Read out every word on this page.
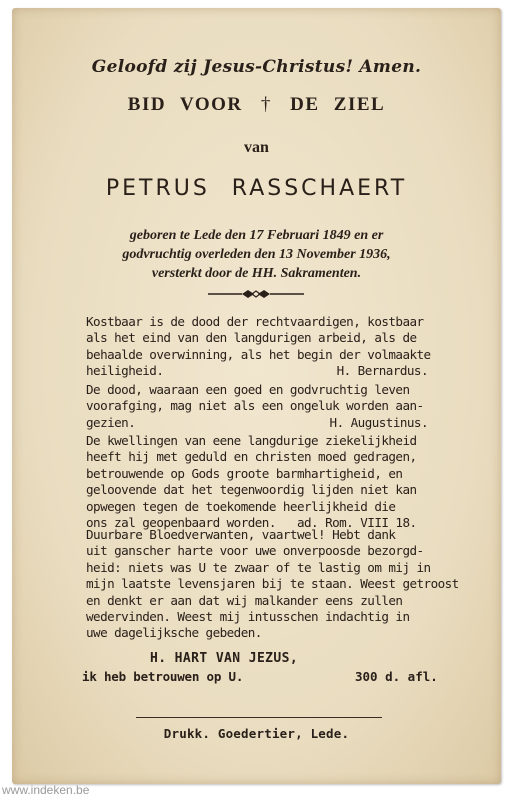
Geloofd zij Jesus-Christus! Amen.
BID VOOR † DE ZIEL
van
PETRUS RASSCHAERT
geboren te Lede den 17 Februari 1849 en er
godvruchtig overleden den 13 November 1936,
versterkt door de HH. Sakramenten.
Kostbaar is de dood der rechtvaardigen, kostbaar
als het eind van den langdurigen arbeid, als de
behaalde overwinning, als het begin der volmaakte
heiligheid.	H. Bernardus.
De dood, waaraan een goed en godvruchtig leven
voorafging, mag niet als een ongeluk worden aan-
gezien.	H. Augustinus.
De kwellingen van eene langdurige ziekelijkheid
heeft hij met geduld en christen moed gedragen,
betrouwende op Gods groote barmhartigheid, en
geloovende dat het tegenwoordig lijden niet kan
opwegen tegen de toekomende heerlijkheid die
ons zal geopenbaard worden.   ad. Rom. VIII 18.
Duurbare Bloedverwanten, vaartwel! Hebt dank
uit ganscher harte voor uwe onverpoosde bezorgd-
heid: niets was U te zwaar of te lastig om mij in
mijn laatste levensjaren bij te staan. Weest getroost
en denkt er aan dat wij malkander eens zullen
wedervinden. Weest mij intusschen indachtig in
uwe dagelijksche gebeden.
H. HART VAN JEZUS,
ik heb betrouwen op U.	300 d. afl.
Drukk. Goedertier, Lede.
www.indeken.be
